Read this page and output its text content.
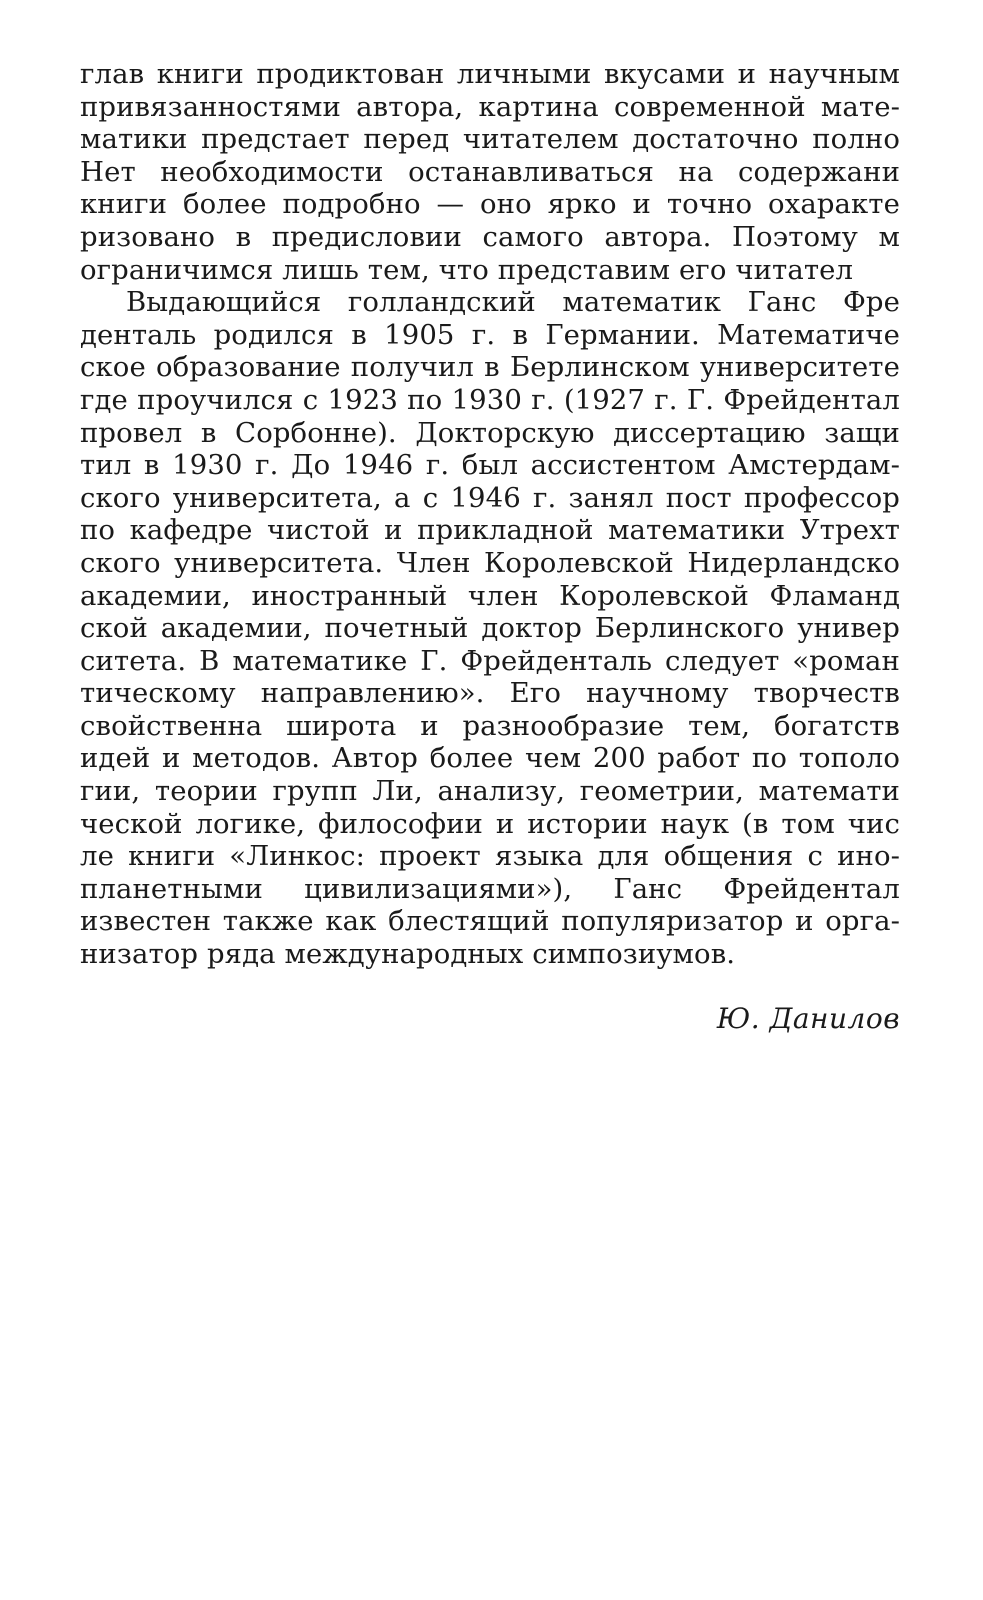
глав книги продиктован личными вкусами и научным
привязанностями автора, картина современной мате-
матики предстает перед читателем достаточно полно
Нет необходимости останавливаться на содержани
книги более подробно — оно ярко и точно охаракте
ризовано в предисловии самого автора. Поэтому м
ограничимся лишь тем, что представим его читател
Выдающийся голландский математик Ганс Фре
денталь родился в 1905 г. в Германии. Математиче
ское образование получил в Берлинском университете
где проучился с 1923 по 1930 г. (1927 г. Г. Фрейдентал
провел в Сорбонне). Докторскую диссертацию защи
тил в 1930 г. До 1946 г. был ассистентом Амстердам-
ского университета, а с 1946 г. занял пост профессор
по кафедре чистой и прикладной математики Утрехт
ского университета. Член Королевской Нидерландско
академии, иностранный член Королевской Фламанд
ской академии, почетный доктор Берлинского универ
ситета. В математике Г. Фрейденталь следует «роман
тическому направлению». Его научному творчеств
свойственна широта и разнообразие тем, богатств
идей и методов. Автор более чем 200 работ по тополо
гии, теории групп Ли, анализу, геометрии, математи
ческой логике, философии и истории наук (в том чис
ле книги «Линкос: проект языка для общения с ино-
планетными цивилизациями»), Ганс Фрейдентал
известен также как блестящий популяризатор и орга-
низатор ряда международных симпозиумов.
Ю. Данилов
